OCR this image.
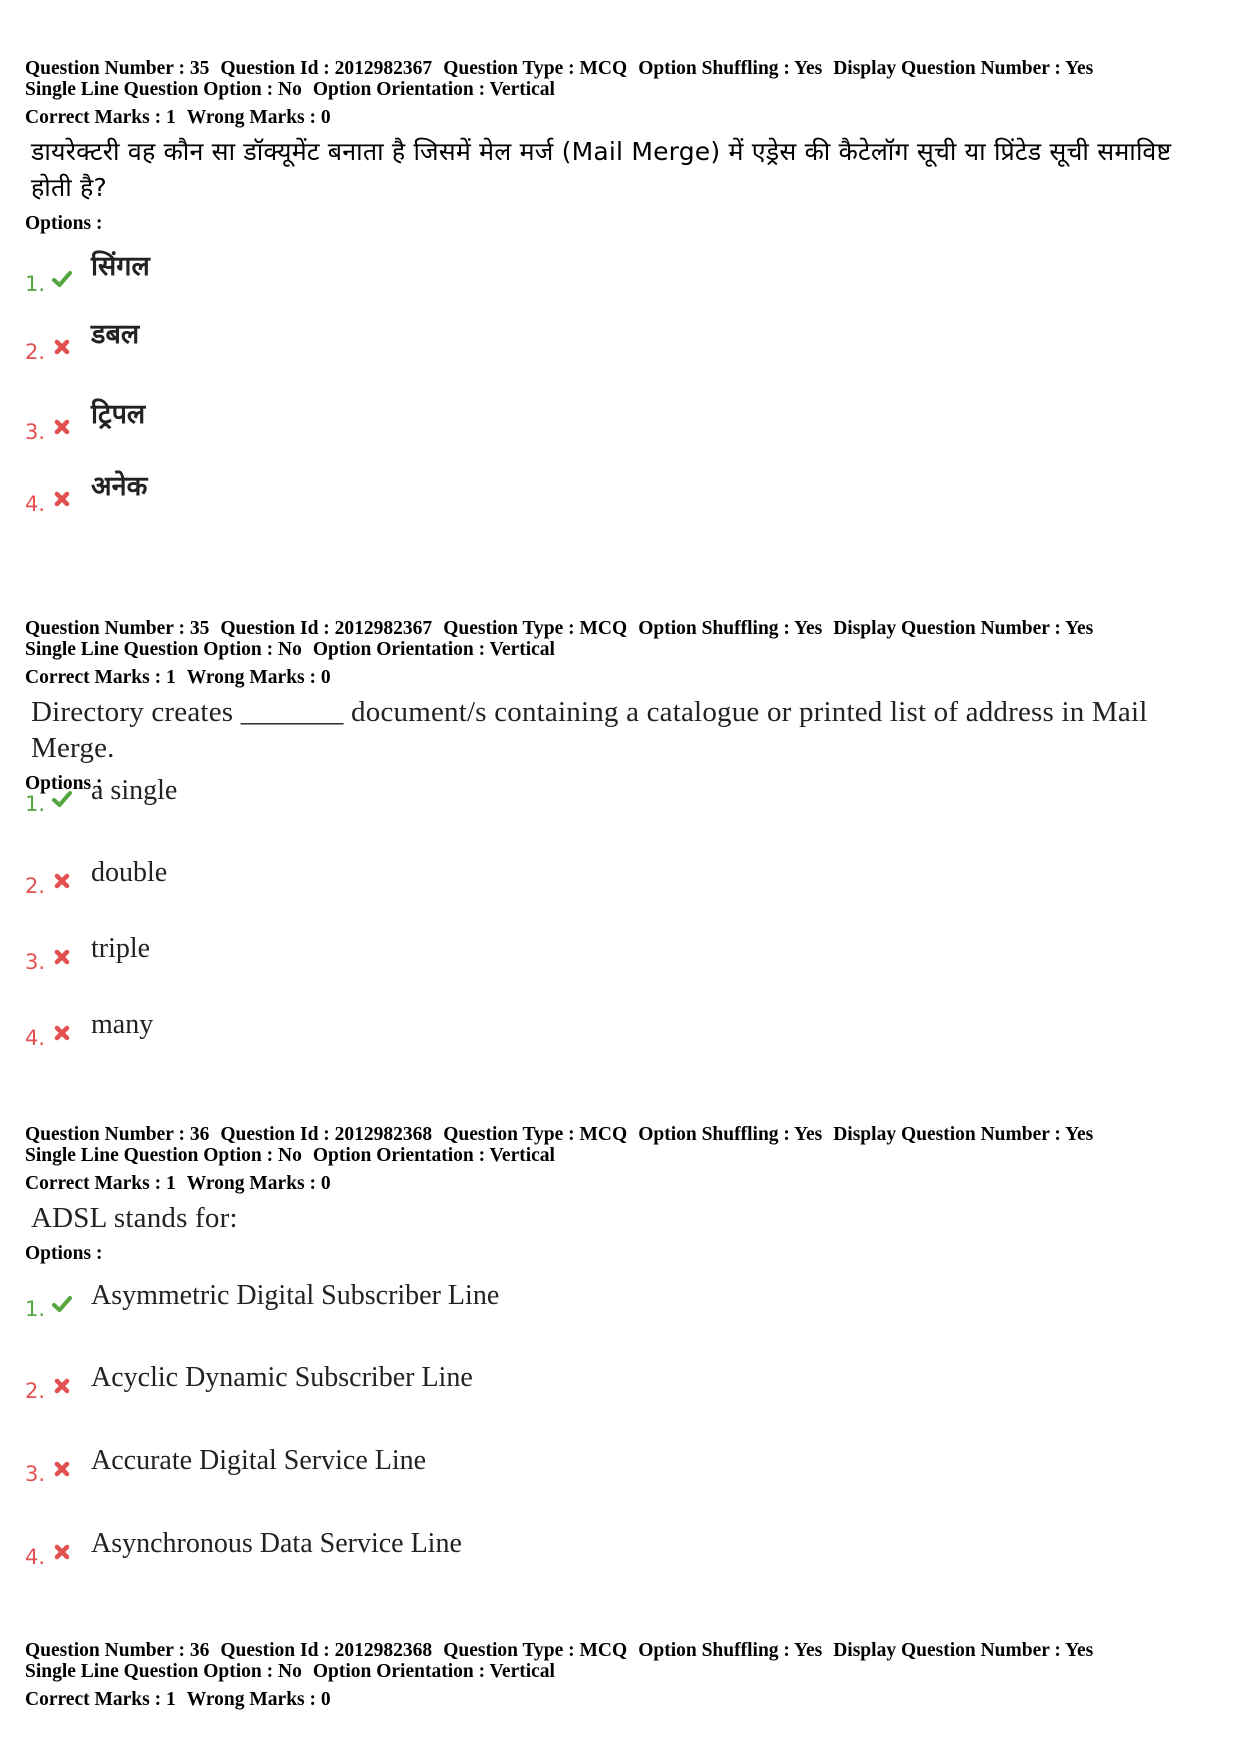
Question Number : 35 Question Id : 2012982367 Question Type : MCQ Option Shuffling : Yes Display Question Number : Yes
Single Line Question Option : No Option Orientation : Vertical
Correct Marks : 1 Wrong Marks : 0
डायरेक्टरी वह कौन सा डॉक्यूमेंट बनाता है जिसमें मेल मर्ज (Mail Merge) में एड्रेस की कैटेलॉग सूची या प्रिंटेड सूची समाविष्ट होती है?
Options :
1.
सिंगल
2.
डबल
3.
ट्रिपल
4.
अनेक
Question Number : 35 Question Id : 2012982367 Question Type : MCQ Option Shuffling : Yes Display Question Number : Yes
Single Line Question Option : No Option Orientation : Vertical
Correct Marks : 1 Wrong Marks : 0
Directory creates _______ document/s containing a catalogue or printed list of address in Mail Merge.
Options :
1. a single
2. double
3. triple
4. many
Question Number : 36 Question Id : 2012982368 Question Type : MCQ Option Shuffling : Yes Display Question Number : Yes
Single Line Question Option : No Option Orientation : Vertical
Correct Marks : 1 Wrong Marks : 0
ADSL stands for:
Options :
1. Asymmetric Digital Subscriber Line
2. Acyclic Dynamic Subscriber Line
3. Accurate Digital Service Line
4. Asynchronous Data Service Line
Question Number : 36 Question Id : 2012982368 Question Type : MCQ Option Shuffling : Yes Display Question Number : Yes
Single Line Question Option : No Option Orientation : Vertical
Correct Marks : 1 Wrong Marks : 0
